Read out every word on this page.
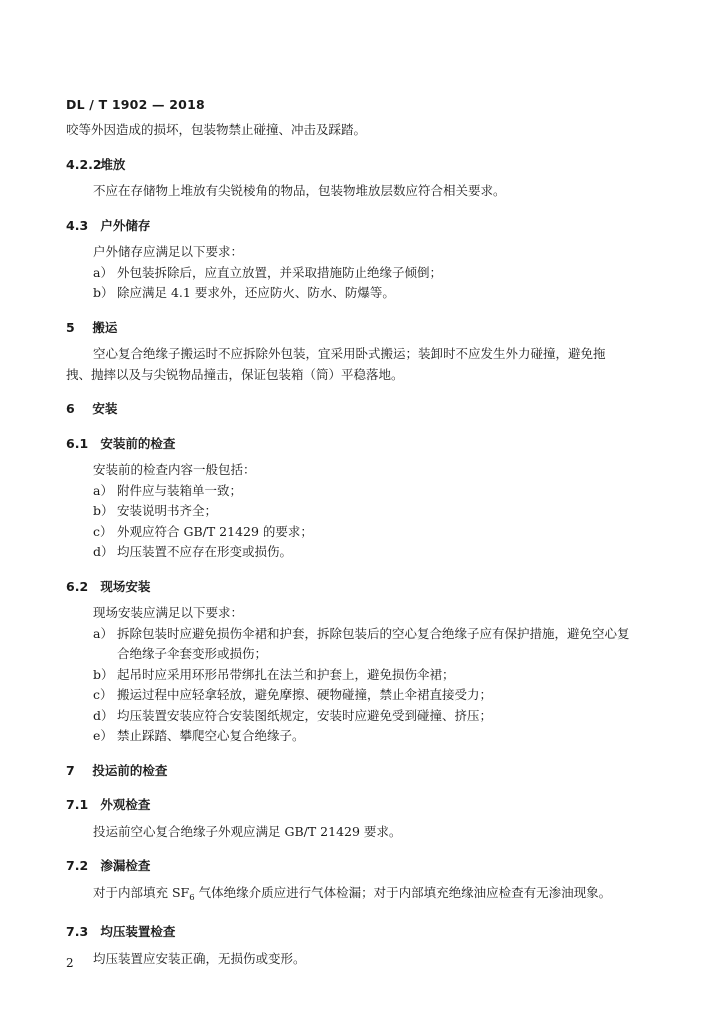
DL / T 1902 — 2018

咬等外因造成的损坏，包装物禁止碰撞、冲击及踩踏。

4.2.2 堆放

不应在存储物上堆放有尖锐棱角的物品，包装物堆放层数应符合相关要求。

4.3 户外储存

户外储存应满足以下要求：

a） 外包装拆除后，应直立放置，并采取措施防止绝缘子倾倒；
b） 除应满足 4.1 要求外，还应防火、防水、防爆等。
5 搬运

空心复合绝缘子搬运时不应拆除外包装，宜采用卧式搬运；装卸时不应发生外力碰撞，避免拖

拽、抛摔以及与尖锐物品撞击，保证包装箱（筒）平稳落地。

6 安装
6.1 安装前的检查

安装前的检查内容一般包括：

a） 附件应与装箱单一致；
b） 安装说明书齐全；
c） 外观应符合 GB/T 21429 的要求；
d） 均压装置不应存在形变或损伤。
6.2 现场安装

现场安装应满足以下要求：

a） 拆除包装时应避免损伤伞裙和护套，拆除包装后的空心复合绝缘子应有保护措施，避免空心复

合绝缘子伞套变形或损伤；

b） 起吊时应采用环形吊带绑扎在法兰和护套上，避免损伤伞裙；
c） 搬运过程中应轻拿轻放，避免摩擦、硬物碰撞，禁止伞裙直接受力；
d） 均压装置安装应符合安装图纸规定，安装时应避免受到碰撞、挤压；
e） 禁止踩踏、攀爬空心复合绝缘子。
7 投运前的检查
7.1 外观检查

投运前空心复合绝缘子外观应满足 GB/T 21429 要求。

7.2 渗漏检查

对于内部填充 $SF_6$ 气体绝缘介质应进行气体检漏；对于内部填充绝缘油应检查有无渗油现象。

7.3 均压装置检查

均压装置应安装正确，无损伤或变形。

2
